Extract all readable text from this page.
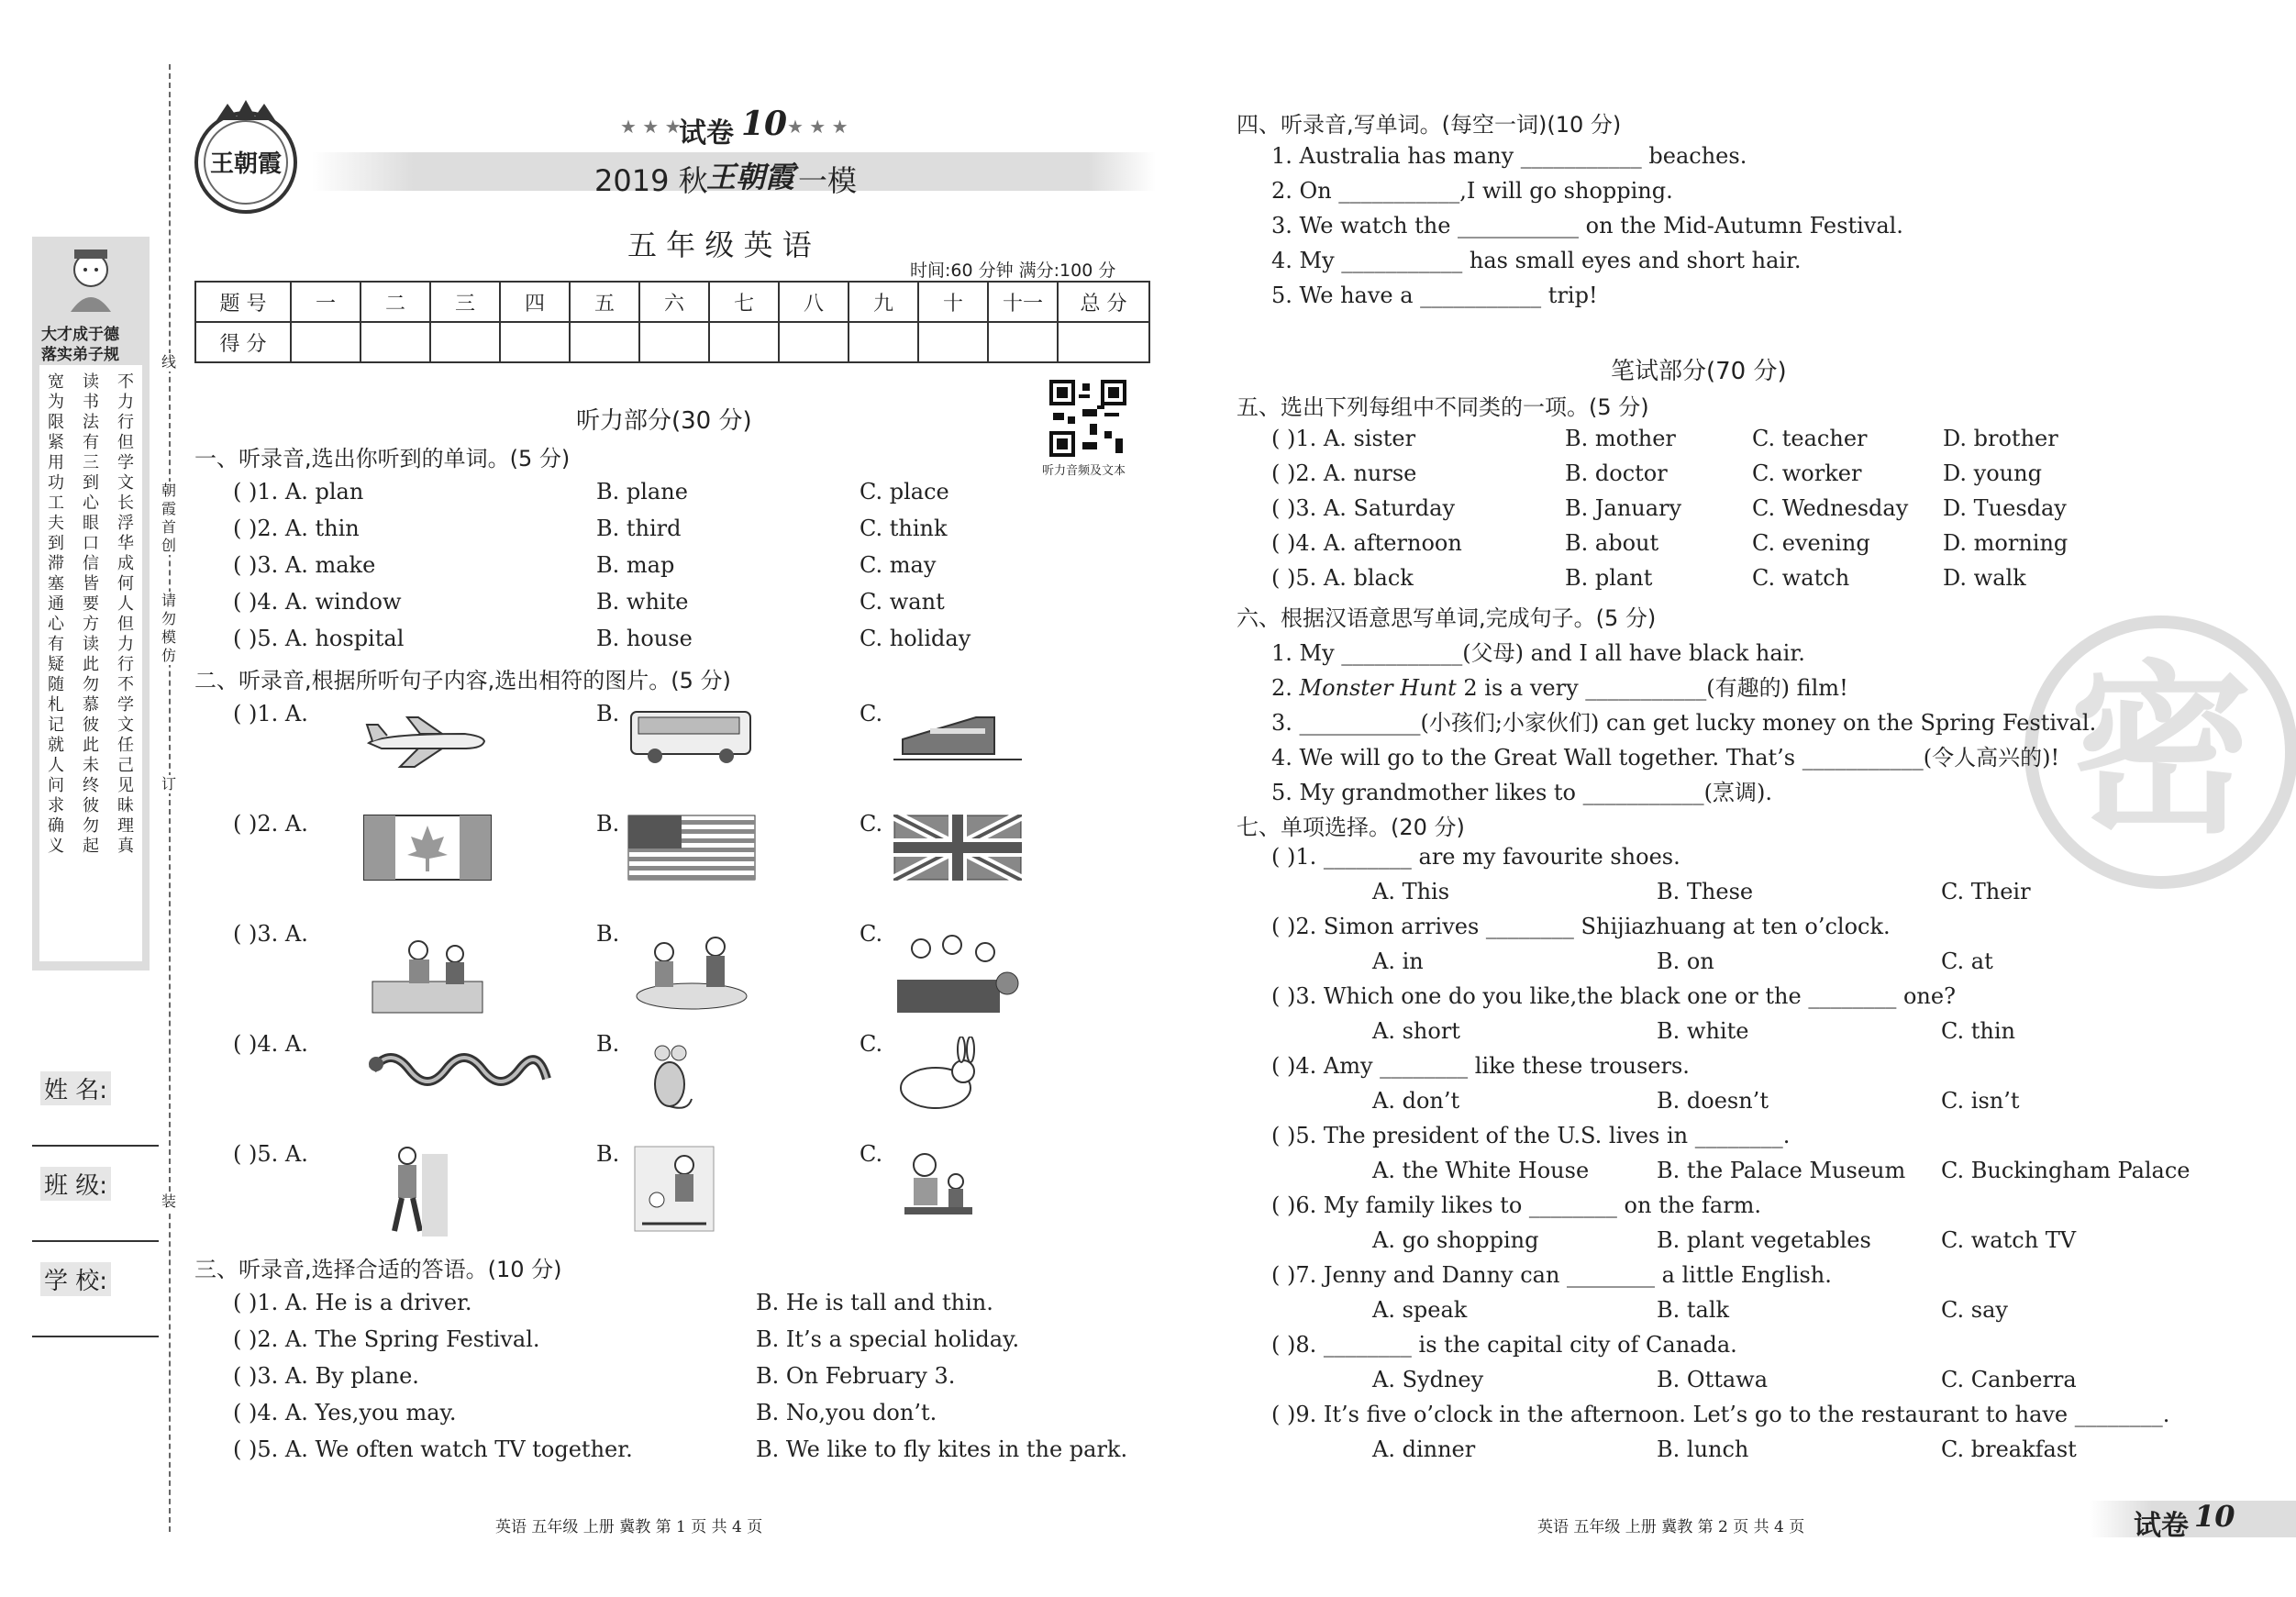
大才成于德
落实弟子规
宽为限紧用功工夫到滞塞通心有疑随札记就人问求确义
读书法有三到心眼口信皆要方读此勿慕彼此未终彼勿起
不力行但学文长浮华成何人但力行不学文任己见昧理真
姓 名:
班 级:
学 校:
线
朝霞首创
请勿模仿
订
装
王朝霞
★ ★ ★
试卷 10 ★ ★ ★
2019 秋
王朝霞 一模
五 年 级 英 语
时间:60 分钟 满分:100 分
题 号	一	二	三	四	五	六	七	八	九	十	十一	总 分
得 分												
听力音频及文本
听力部分(30 分)
一、听录音,选出你听到的单词。(5 分)
( )1. A. plan	B. plane	C. place
( )2. A. thin	B. third	C. think
( )3. A. make	B. map	C. may
( )4. A. window	B. white	C. want
( )5. A. hospital	B. house	C. holiday
二、听录音,根据所听句子内容,选出相符的图片。(5 分)
( )1. A.	B.	C.
( )2. A.	B.	C.
( )3. A.	B.	C.
( )4. A.	B.	C.
( )5. A.	B.	C.
三、听录音,选择合适的答语。(10 分)
( )1. A. He is a driver.	B. He is tall and thin.
( )2. A. The Spring Festival.	B. It’s a special holiday.
( )3. A. By plane.	B. On February 3.
( )4. A. Yes,you may.	B. No,you don’t.
( )5. A. We often watch TV together.	B. We like to fly kites in the park.
英语 五年级 上册 冀教 第 1 页 共 4 页
密
四、听录音,写单词。(每空一词)(10 分)
1. Australia has many ___________ beaches.
2. On ___________,I will go shopping.
3. We watch the ___________ on the Mid-Autumn Festival.
4. My ___________ has small eyes and short hair.
5. We have a ___________ trip!
笔试部分(70 分)
五、选出下列每组中不同类的一项。(5 分)
( )1. A. sister	B. mother	C. teacher	D. brother
( )2. A. nurse	B. doctor	C. worker	D. young
( )3. A. Saturday	B. January	C. Wednesday D. Tuesday
( )4. A. afternoon	B. about	C. evening	D. morning
( )5. A. black	B. plant	C. watch	D. walk
六、根据汉语意思写单词,完成句子。(5 分)
1. My ___________(父母) and I all have black hair.
2. Monster Hunt 2 is a very ___________(有趣的) film!
3. ___________(小孩们;小家伙们) can get lucky money on the Spring Festival.
4. We will go to the Great Wall together. That’s ___________(令人高兴的)!
5. My grandmother likes to ___________(烹调).
七、单项选择。(20 分)
( )1. ________ are my favourite shoes.
A. This	B. These	C. Their
( )2. Simon arrives ________ Shijiazhuang at ten o’clock.
A. in	B. on	C. at
( )3. Which one do you like,the black one or the ________ one?
A. short	B. white	C. thin
( )4. Amy ________ like these trousers.
A. don’t	B. doesn’t	C. isn’t
( )5. The president of the U.S. lives in ________.
A. the White House	B. the Palace Museum C. Buckingham Palace
( )6. My family likes to ________ on the farm.
A. go shopping	B. plant vegetables	C. watch TV
( )7. Jenny and Danny can ________ a little English.
A. speak	B. talk	C. say
( )8. ________ is the capital city of Canada.
A. Sydney	B. Ottawa	C. Canberra
( )9. It’s five o’clock in the afternoon. Let’s go to the restaurant to have ________.
A. dinner	B. lunch	C. breakfast
英语 五年级 上册 冀教 第 2 页 共 4 页	试卷 10
